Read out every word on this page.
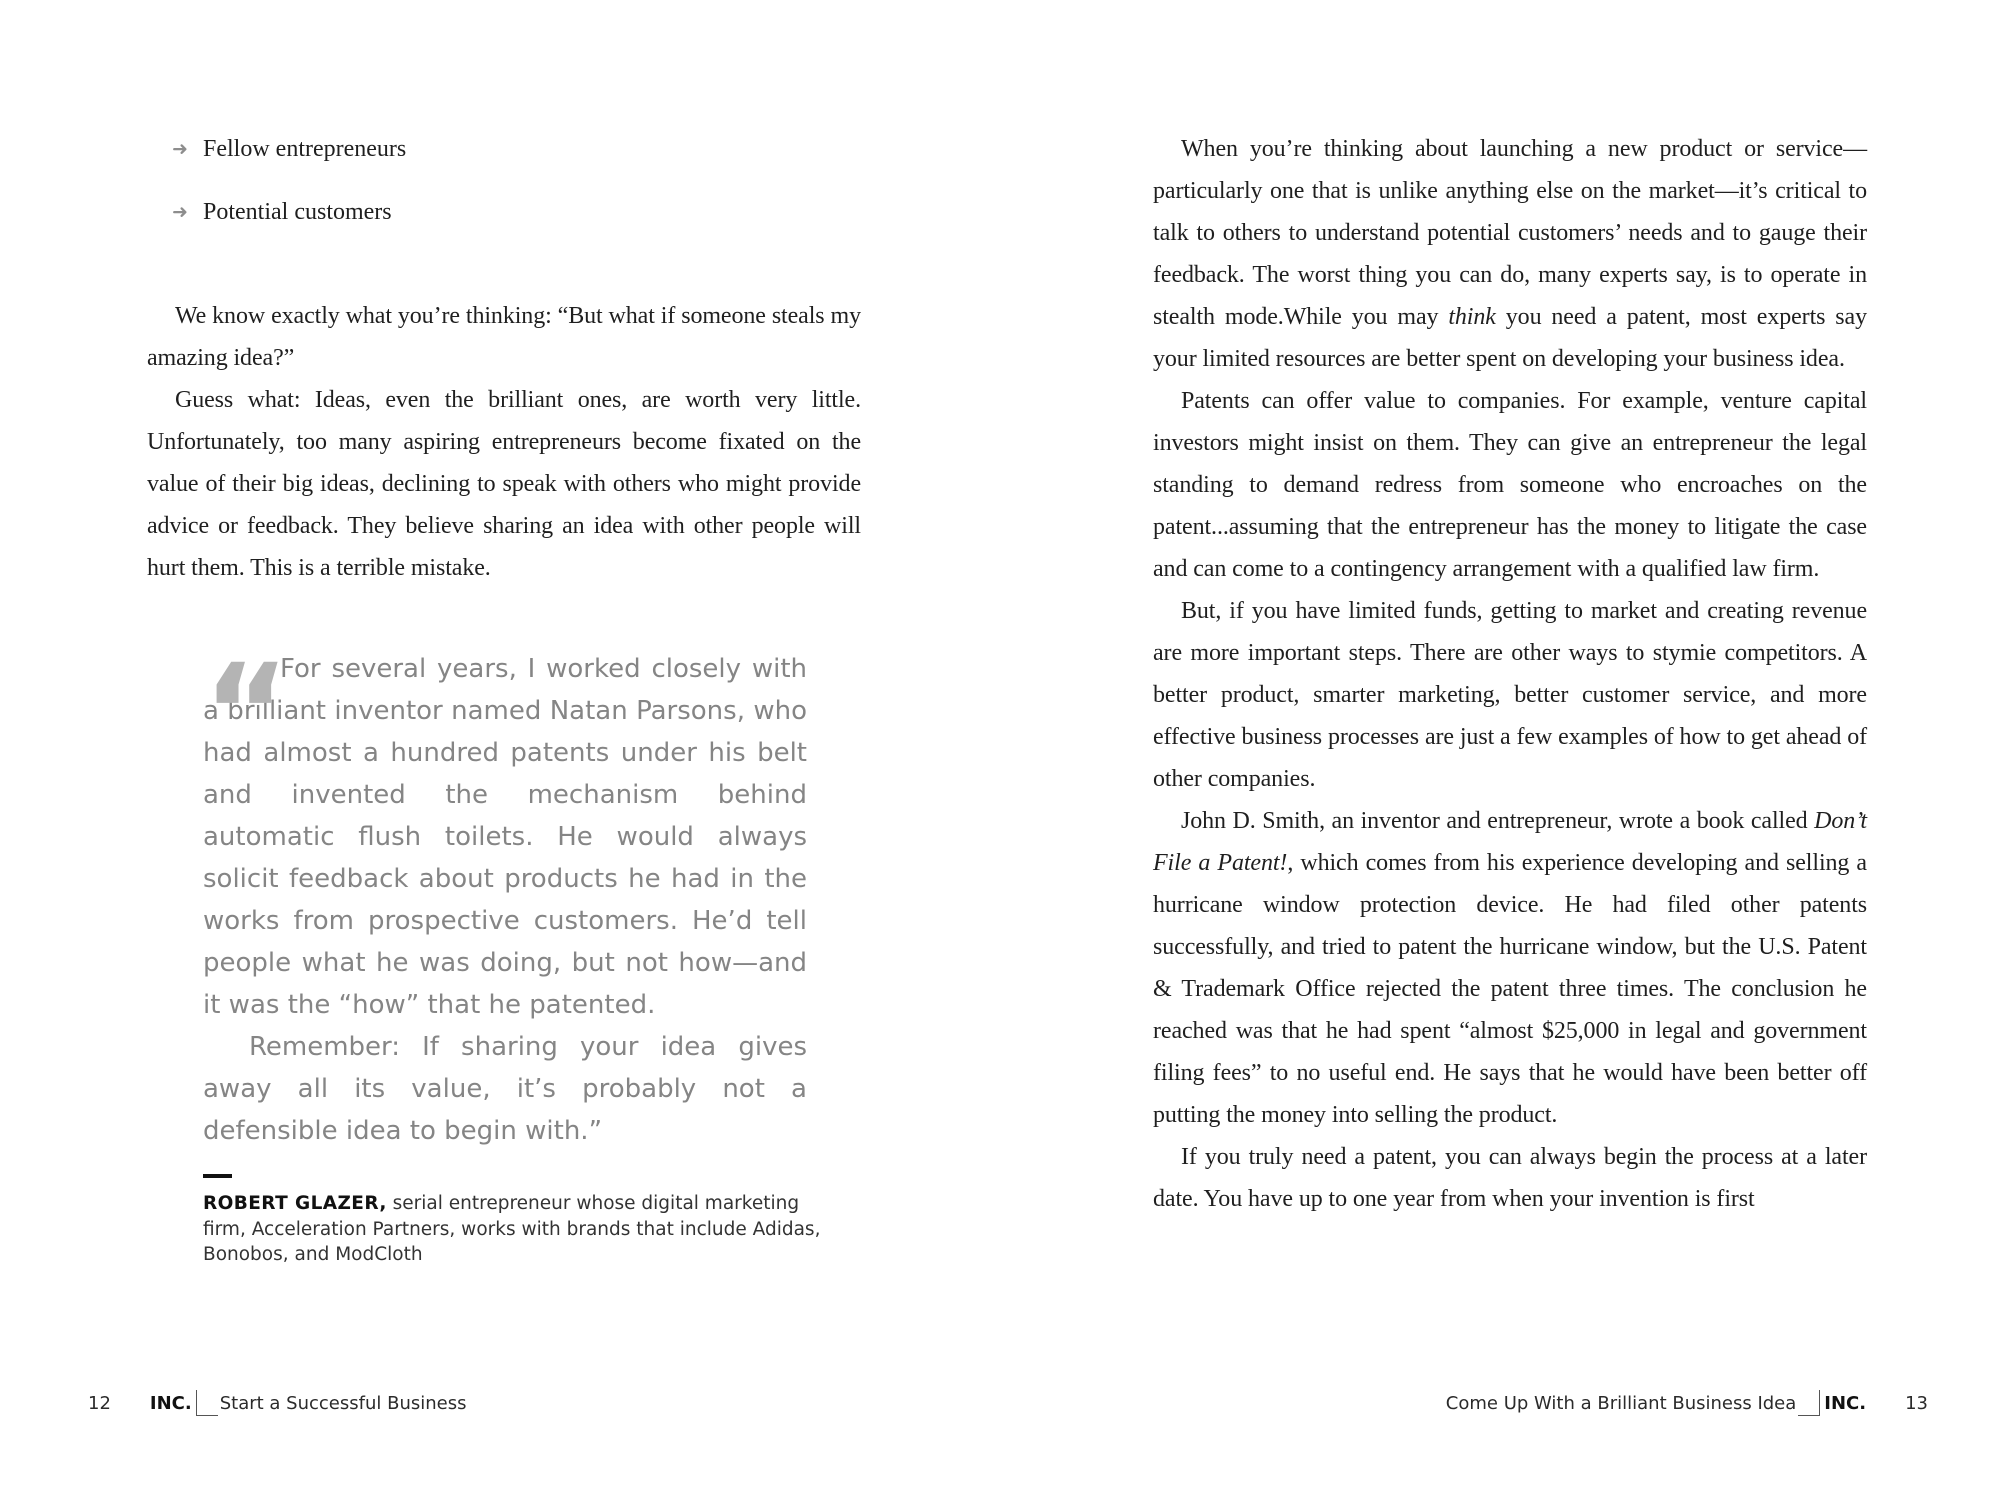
➜ Fellow entrepreneurs
➜ Potential customers

We know exactly what you’re thinking: “But what if someone steals my amazing idea?”

Guess what: Ideas, even the brilliant ones, are worth very little. Unfortunately, too many aspiring entrepreneurs become fixated on the value of their big ideas, declining to speak with others who might provide advice or feedback. They believe sharing an idea with other people will hurt them. This is a terrible mistake.

“

For several years, I worked closely with a brilliant inventor named Natan Parsons, who had almost a hundred patents under his belt and invented the mechanism behind automatic flush toilets. He would always solicit feedback about products he had in the works from prospective customers. He’d tell people what he was doing, but not how—and it was the “how” that he patented.

Remember: If sharing your idea gives away all its value, it’s probably not a defensible idea to begin with.”

ROBERT GLAZER, serial entrepreneur whose digital marketing firm, Acceleration Partners, works with brands that include Adidas, Bonobos, and ModCloth
12 INC. Start a Successful Business

When you’re thinking about launching a new product or service—particularly one that is unlike anything else on the market—it’s critical to talk to others to understand potential customers’ needs and to gauge their feedback. The worst thing you can do, many experts say, is to operate in stealth mode.While you may think you need a patent, most experts say your limited resources are better spent on developing your business idea.

Patents can offer value to companies. For example, venture capital investors might insist on them. They can give an entrepreneur the legal standing to demand redress from someone who encroaches on the patent...assuming that the entrepreneur has the money to litigate the case and can come to a contingency arrangement with a qualified law firm.

But, if you have limited funds, getting to market and creating revenue are more important steps. There are other ways to stymie competitors. A better product, smarter marketing, better customer service, and more effective business processes are just a few examples of how to get ahead of other companies.

John D. Smith, an inventor and entrepreneur, wrote a book called Don’t File a Patent!, which comes from his experience developing and selling a hurricane window protection device. He had filed other patents successfully, and tried to patent the hurricane window, but the U.S. Patent & Trademark Office rejected the patent three times. The conclusion he reached was that he had spent “almost $25,000 in legal and government filing fees” to no useful end. He says that he would have been better off putting the money into selling the product.

If you truly need a patent, you can always begin the process at a later date. You have up to one year from when your invention is first

Come Up With a Brilliant Business Idea INC. 13
